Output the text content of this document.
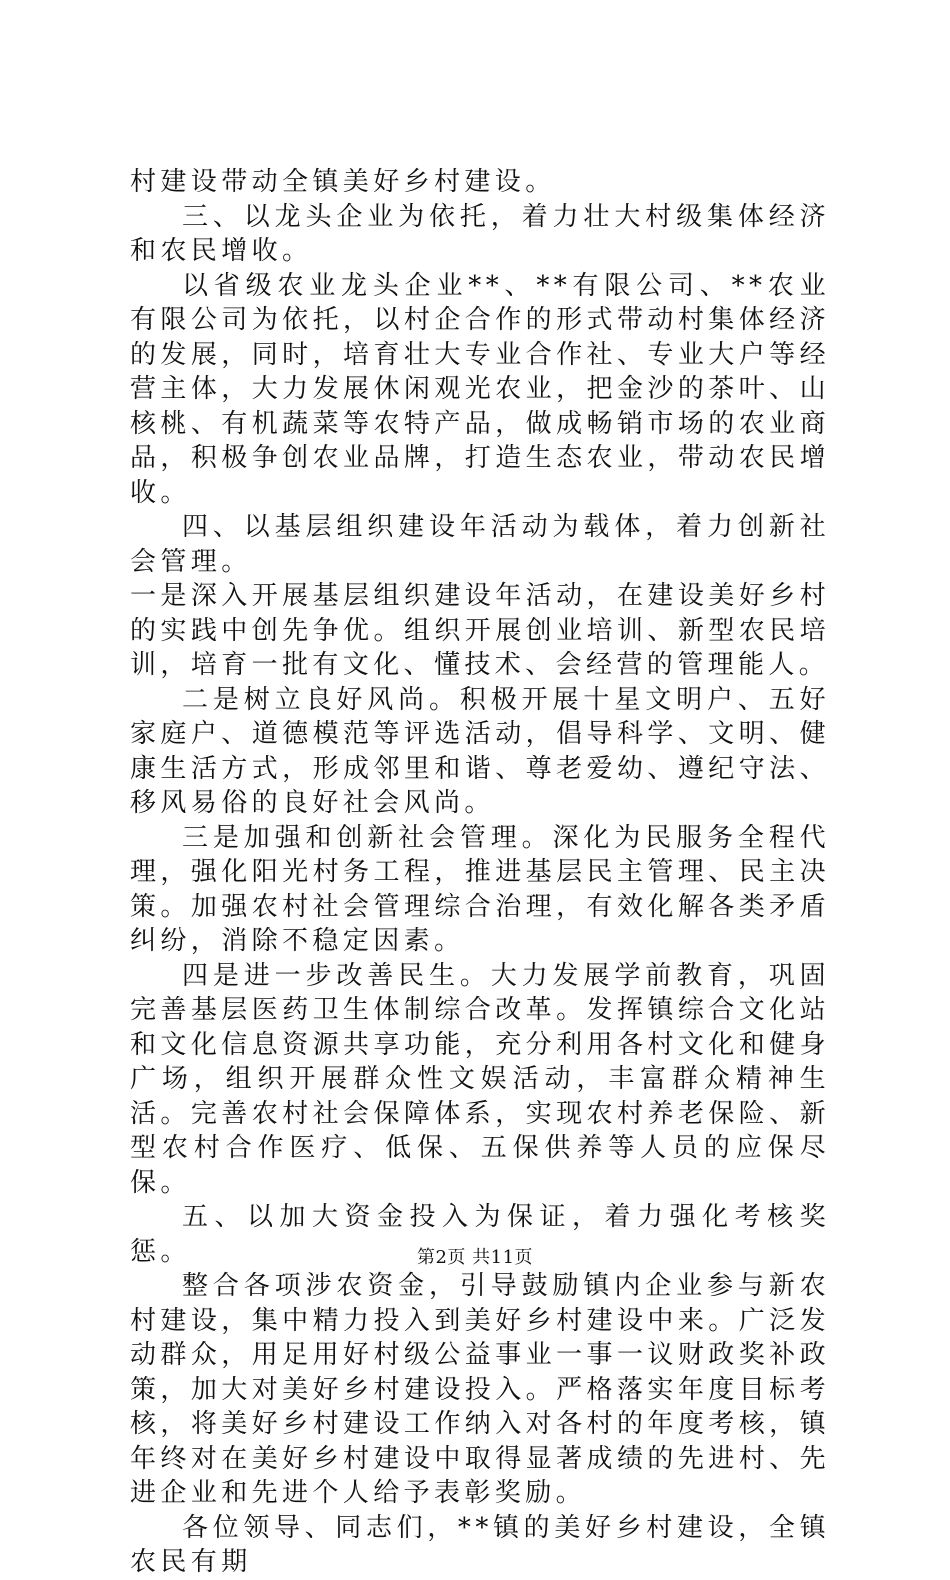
村建设带动全镇美好乡村建设。

三、以龙头企业为依托，着力壮大村级集体经济和农民增收。

以省级农业龙头企业**、**有限公司、**农业有限公司为依托，以村企合作的形式带动村集体经济的发展，同时，培育壮大专业合作社、专业大户等经营主体，大力发展休闲观光农业，把金沙的茶叶、山核桃、有机蔬菜等农特产品，做成畅销市场的农业商品，积极争创农业品牌，打造生态农业，带动农民增收。

四、以基层组织建设年活动为载体，着力创新社会管理。

一是深入开展基层组织建设年活动，在建设美好乡村的实践中创先争优。组织开展创业培训、新型农民培训，培育一批有文化、懂技术、会经营的管理能人。

二是树立良好风尚。积极开展十星文明户、五好家庭户、道德模范等评选活动，倡导科学、文明、健康生活方式，形成邻里和谐、尊老爱幼、遵纪守法、移风易俗的良好社会风尚。

三是加强和创新社会管理。深化为民服务全程代理，强化阳光村务工程，推进基层民主管理、民主决策。加强农村社会管理综合治理，有效化解各类矛盾纠纷，消除不稳定因素。

四是进一步改善民生。大力发展学前教育，巩固完善基层医药卫生体制综合改革。发挥镇综合文化站和文化信息资源共享功能，充分利用各村文化和健身广场，组织开展群众性文娱活动，丰富群众精神生活。完善农村社会保障体系，实现农村养老保险、新型农村合作医疗、低保、五保供养等人员的应保尽保。

五、以加大资金投入为保证，着力强化考核奖惩。

整合各项涉农资金，引导鼓励镇内企业参与新农村建设，集中精力投入到美好乡村建设中来。广泛发动群众，用足用好村级公益事业一事一议财政奖补政策，加大对美好乡村建设投入。严格落实年度目标考核，将美好乡村建设工作纳入对各村的年度考核，镇年终对在美好乡村建设中取得显著成绩的先进村、先进企业和先进个人给予表彰奖励。

各位领导、同志们，**镇的美好乡村建设，全镇农民有期

第2页 共11页
